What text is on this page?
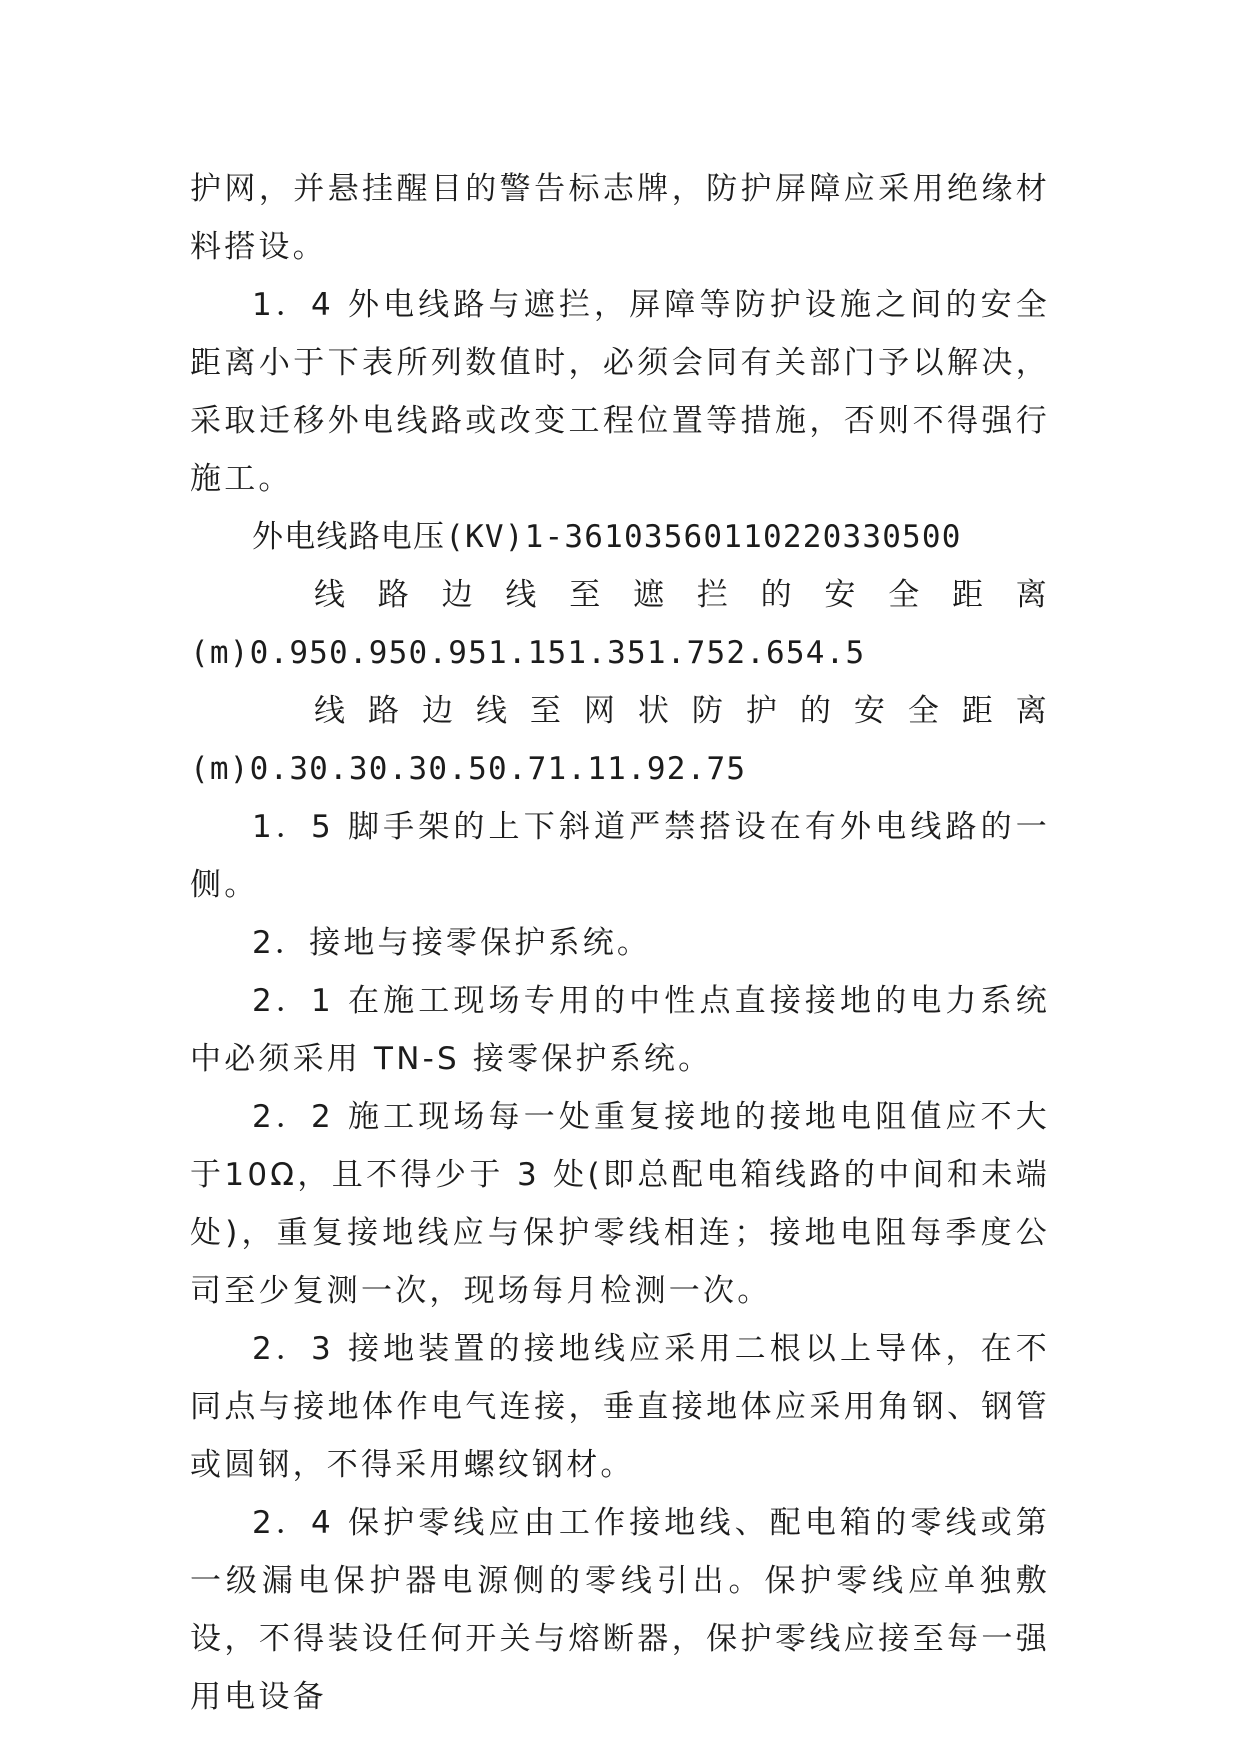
护网，并悬挂醒目的警告标志牌，防护屏障应采用绝缘材料搭设。

1．4 外电线路与遮拦，屏障等防护设施之间的安全距离小于下表所列数值时，必须会同有关部门予以解决，采取迁移外电线路或改变工程位置等措施，否则不得强行施工。

外电线路电压(KV)1-36103560110220330500

线路边线至遮拦的安全距离
(m)0.950.950.951.151.351.752.654.5
线路边线至网状防护的安全距离
(m)0.30.30.30.50.71.11.92.75

1．5 脚手架的上下斜道严禁搭设在有外电线路的一侧。

2．接地与接零保护系统。

2．1 在施工现场专用的中性点直接接地的电力系统中必须采用 TN-S 接零保护系统。

2．2 施工现场每一处重复接地的接地电阻值应不大于10Ω，且不得少于 3 处(即总配电箱线路的中间和未端处)，重复接地线应与保护零线相连；接地电阻每季度公司至少复测一次，现场每月检测一次。

2．3 接地装置的接地线应采用二根以上导体，在不同点与接地体作电气连接，垂直接地体应采用角钢、钢管或圆钢，不得采用螺纹钢材。

2．4 保护零线应由工作接地线、配电箱的零线或第一级漏电保护器电源侧的零线引出。保护零线应单独敷设，不得装设任何开关与熔断器，保护零线应接至每一强用电设备
